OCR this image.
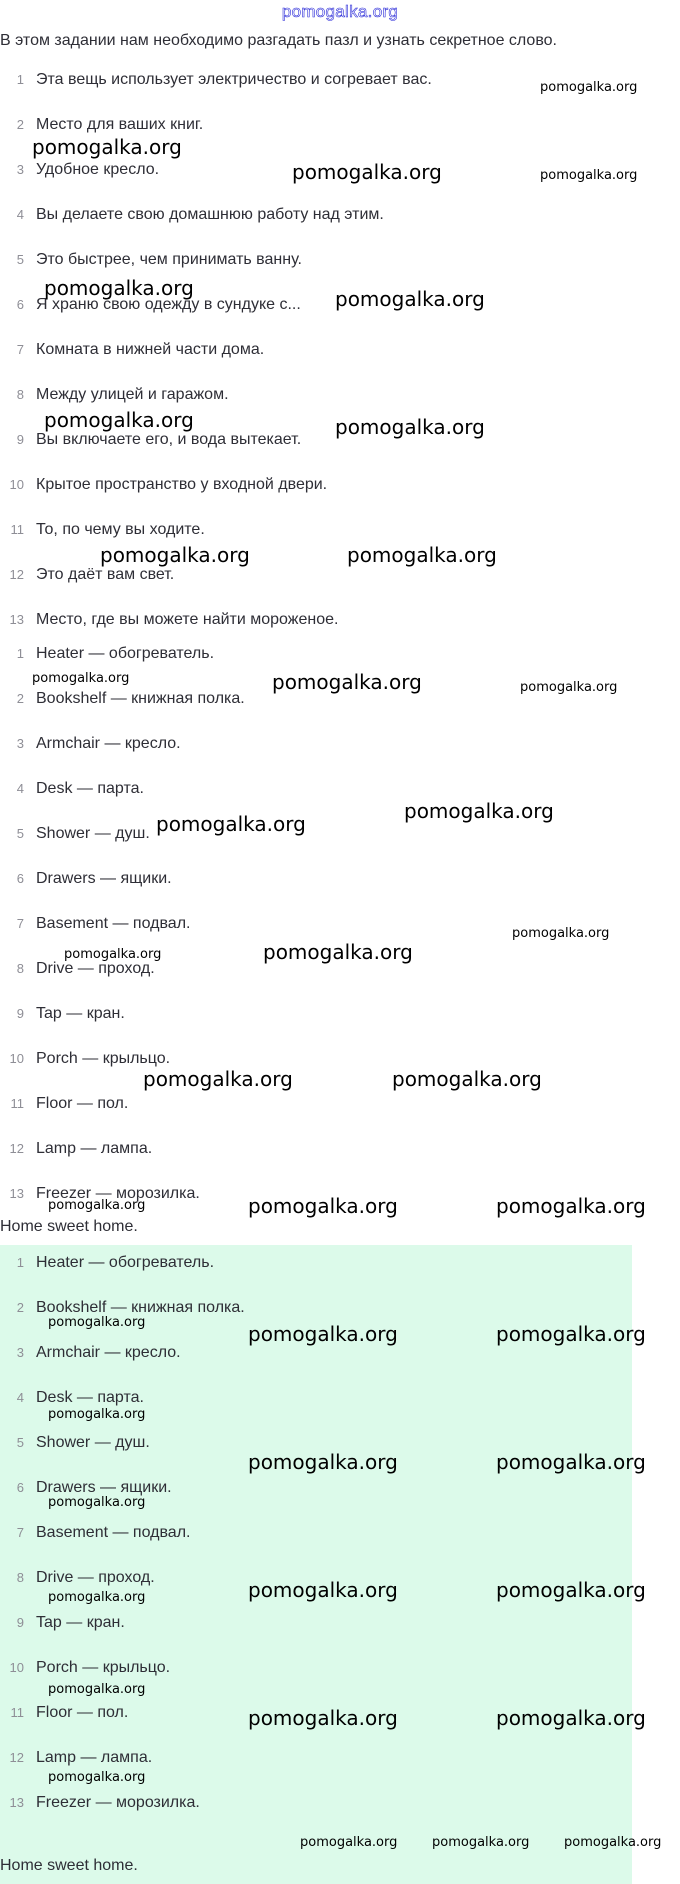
pomogalka.org
В этом задании нам необходимо разгадать пазл и узнать секретное слово.
1 Эта вещь использует электричество и согревает вас.
2 Место для ваших книг.
3 Удобное кресло.
4 Вы делаете свою домашнюю работу над этим.
5 Это быстрее, чем принимать ванну.
6 Я храню свою одежду в сундуке с...
7 Комната в нижней части дома.
8 Между улицей и гаражом.
9 Вы включаете его, и вода вытекает.
10 Крытое пространство у входной двери.
11 То, по чему вы ходите.
12 Это даёт вам свет.
13 Место, где вы можете найти мороженое.
1 Heater — обогреватель.
2 Bookshelf — книжная полка.
3 Armchair — кресло.
4 Desk — парта.
5 Shower — душ.
6 Drawers — ящики.
7 Basement — подвал.
8 Drive — проход.
9 Tap — кран.
10 Porch — крыльцо.
11 Floor — пол.
12 Lamp — лампа.
13 Freezer — морозилка.
Home sweet home.
1 Heater — обогреватель.
2 Bookshelf — книжная полка.
3 Armchair — кресло.
4 Desk — парта.
5 Shower — душ.
6 Drawers — ящики.
7 Basement — подвал.
8 Drive — проход.
9 Tap — кран.
10 Porch — крыльцо.
11 Floor — пол.
12 Lamp — лампа.
13 Freezer — морозилка.
Home sweet home.
pomogalka.org
pomogalka.org
pomogalka.org	pomogalka.org
pomogalka.org	pomogalka.org
pomogalka.org	pomogalka.org
pomogalka.org	pomogalka.org
pomogalka.org	pomogalka.org	pomogalka.org
pomogalka.org
pomogalka.org
pomogalka.org
pomogalka.org	pomogalka.org
pomogalka.org	pomogalka.org
pomogalka.org	pomogalka.org	pomogalka.org
pomogalka.org	pomogalka.org	pomogalka.org
pomogalka.org
pomogalka.org
pomogalka.org	pomogalka.org
pomogalka.org	pomogalka.org	pomogalka.org
pomogalka.org
pomogalka.org	pomogalka.org
pomogalka.org
pomogalka.org	pomogalka.org	pomogalka.org
